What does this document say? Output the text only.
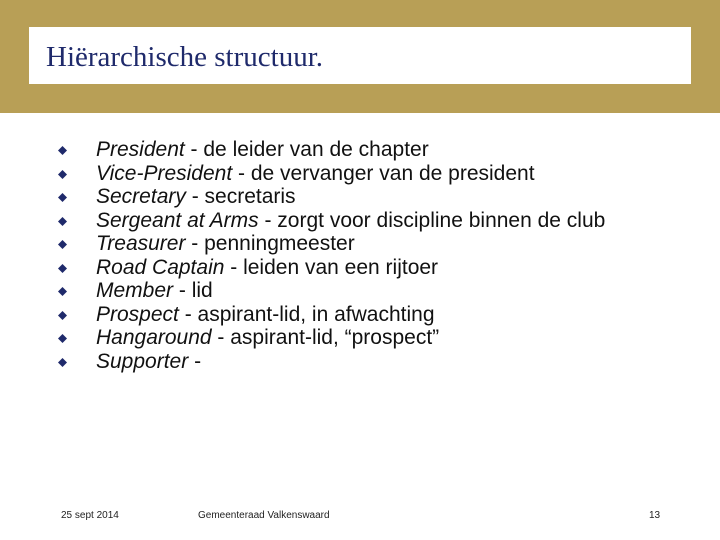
Hiërarchische structuur.
President - de leider van de chapter
Vice-President - de vervanger van de president
Secretary - secretaris
Sergeant at Arms - zorgt voor discipline binnen de club
Treasurer - penningmeester
Road Captain - leiden van een rijtoer
Member - lid
Prospect - aspirant-lid, in afwachting
Hangaround - aspirant-lid, “prospect”
Supporter -
25 sept 2014	Gemeenteraad Valkenswaard	13
